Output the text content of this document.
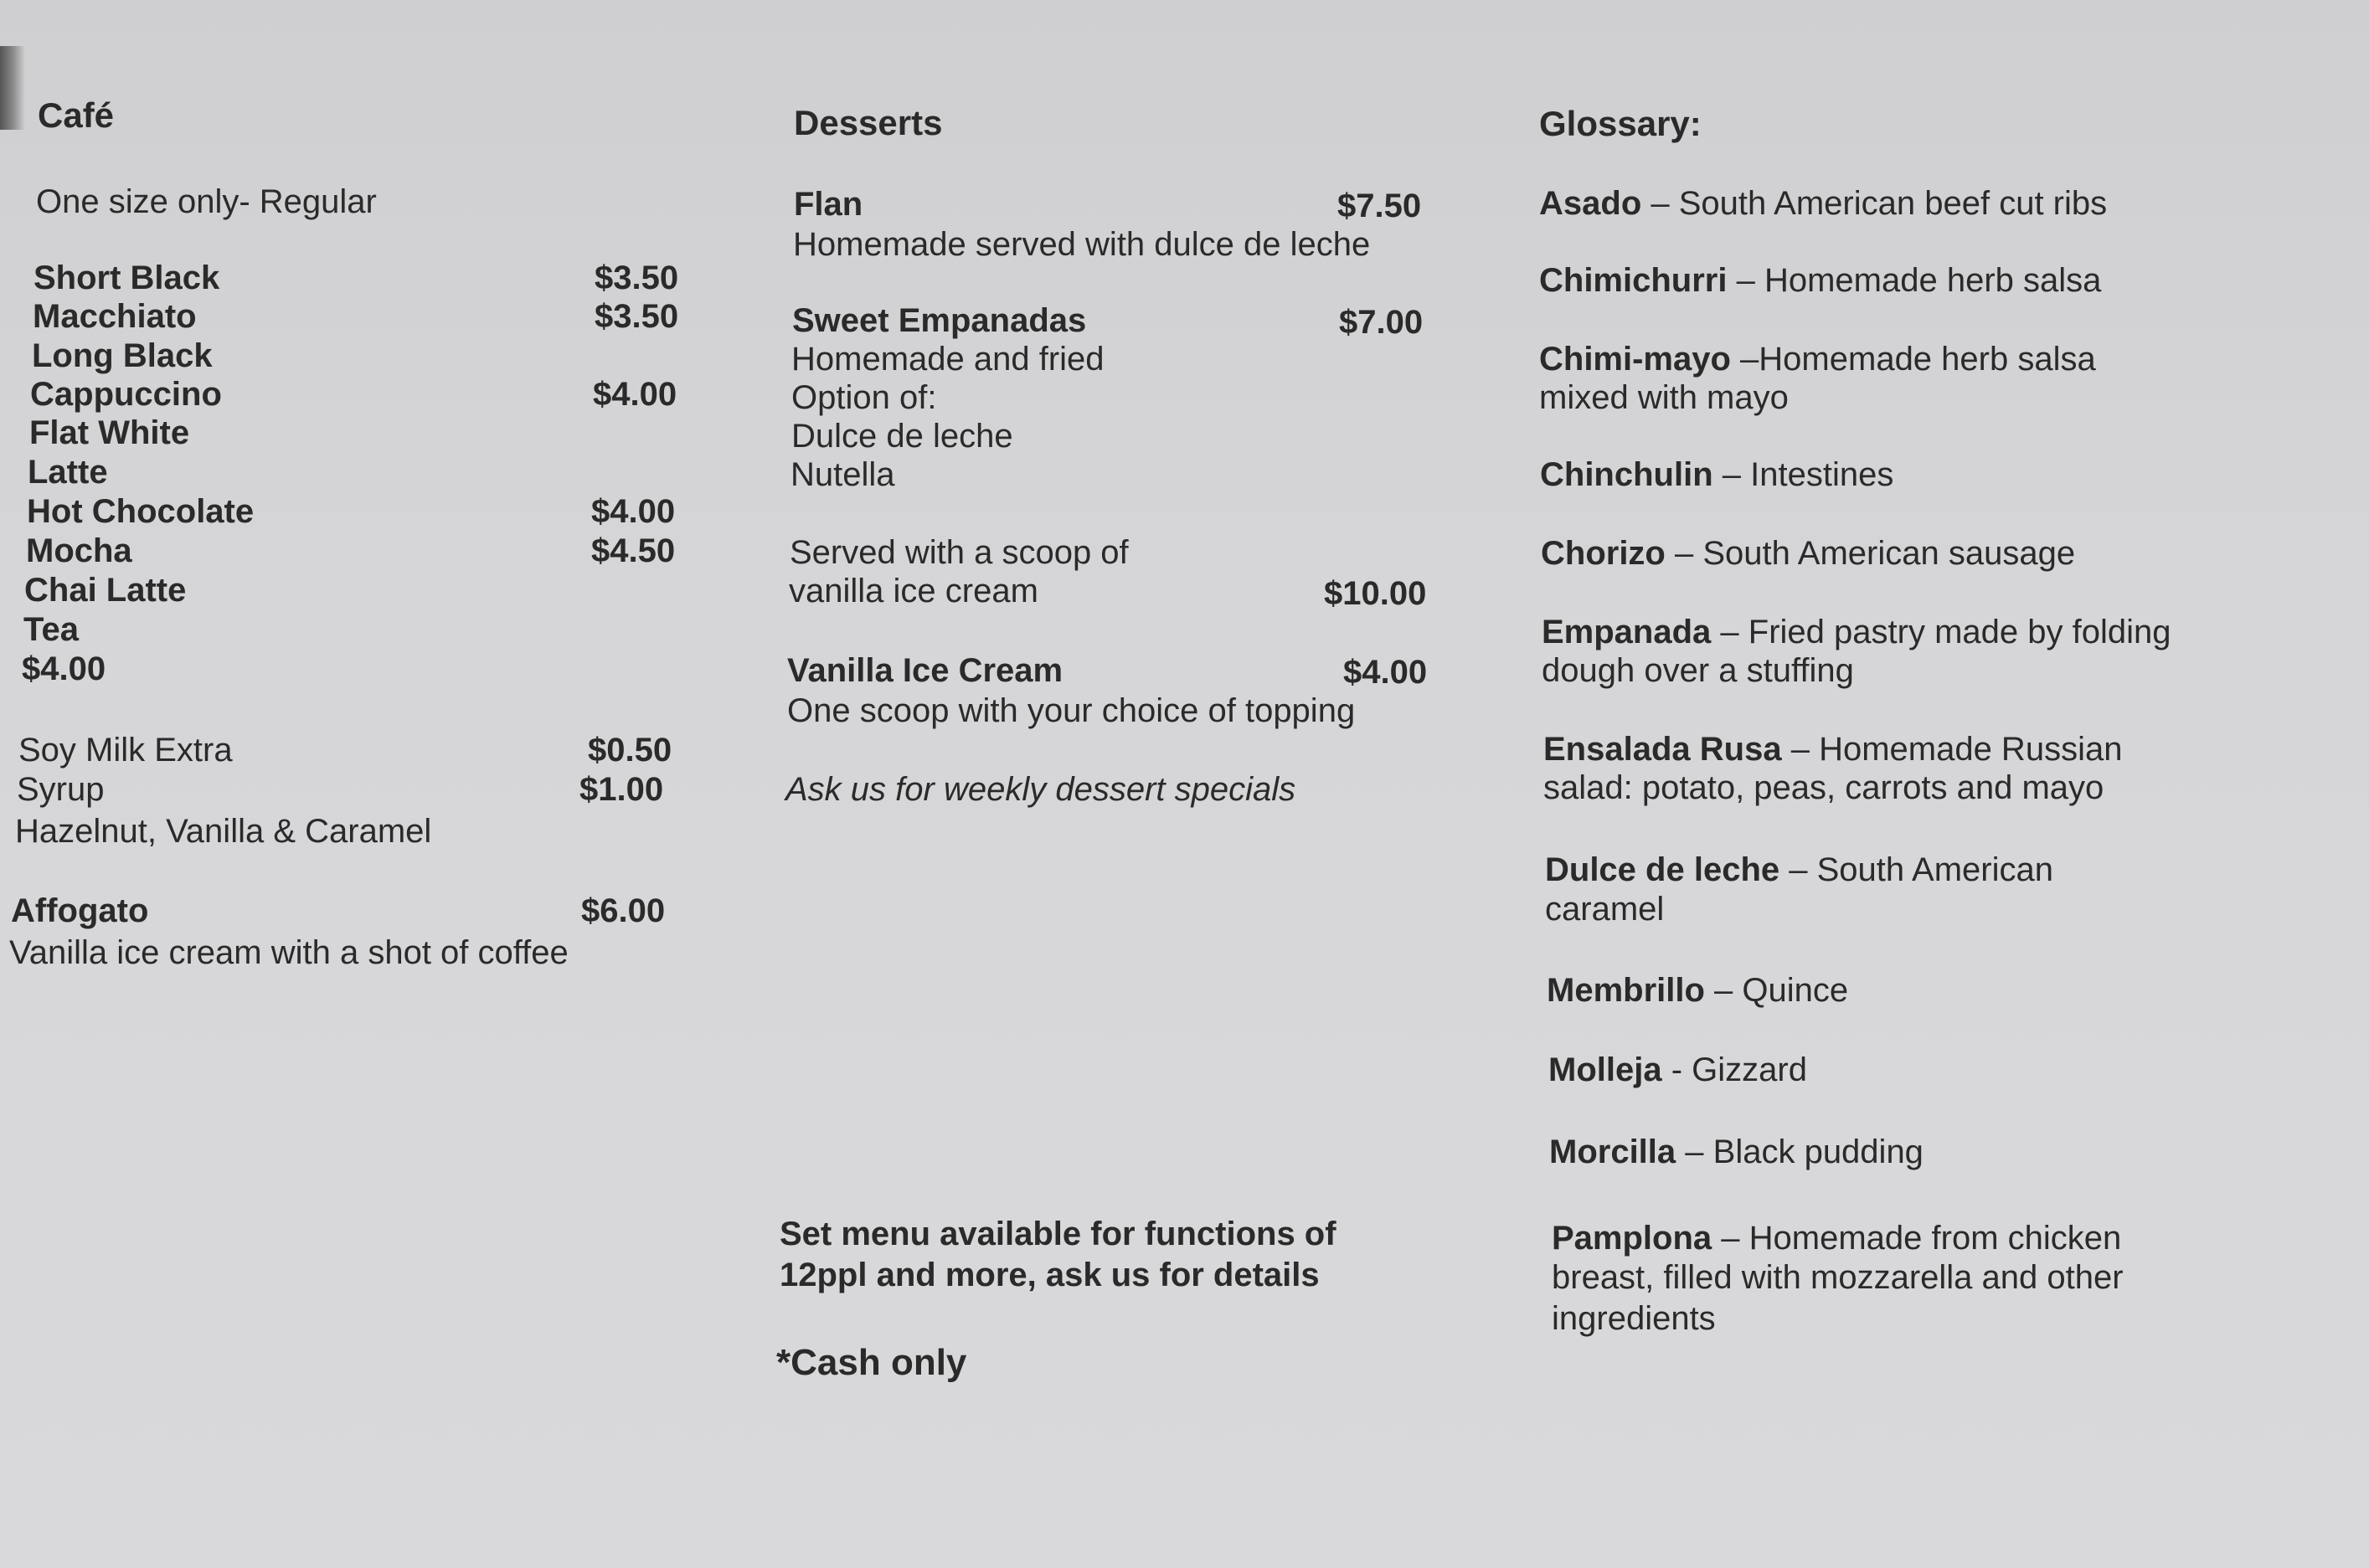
Café
One size only- Regular
Short Black	$3.50
Macchiato	$3.50
Long Black
Cappuccino	$4.00
Flat White
Latte
Hot Chocolate	$4.00
Mocha	$4.50
Chai Latte
Tea
$4.00
Soy Milk Extra	$0.50
Syrup	$1.00
Hazelnut, Vanilla & Caramel
Affogato	$6.00
Vanilla ice cream with a shot of coffee
Desserts
Flan	$7.50
Homemade served with dulce de leche
Sweet Empanadas	$7.00
Homemade and fried
Option of:
Dulce de leche
Nutella
Served with a scoop of
vanilla ice cream	$10.00
Vanilla Ice Cream	$4.00
One scoop with your choice of topping
Ask us for weekly dessert specials
Set menu available for functions of
12ppl and more, ask us for details
*Cash only
Glossary:
Asado – South American beef cut ribs
Chimichurri – Homemade herb salsa
Chimi-mayo –Homemade herb salsa
mixed with mayo
Chinchulin – Intestines
Chorizo – South American sausage
Empanada – Fried pastry made by folding
dough over a stuffing
Ensalada Rusa – Homemade Russian
salad: potato, peas, carrots and mayo
Dulce de leche – South American
caramel
Membrillo – Quince
Molleja - Gizzard
Morcilla – Black pudding
Pamplona – Homemade from chicken
breast, filled with mozzarella and other
ingredients
